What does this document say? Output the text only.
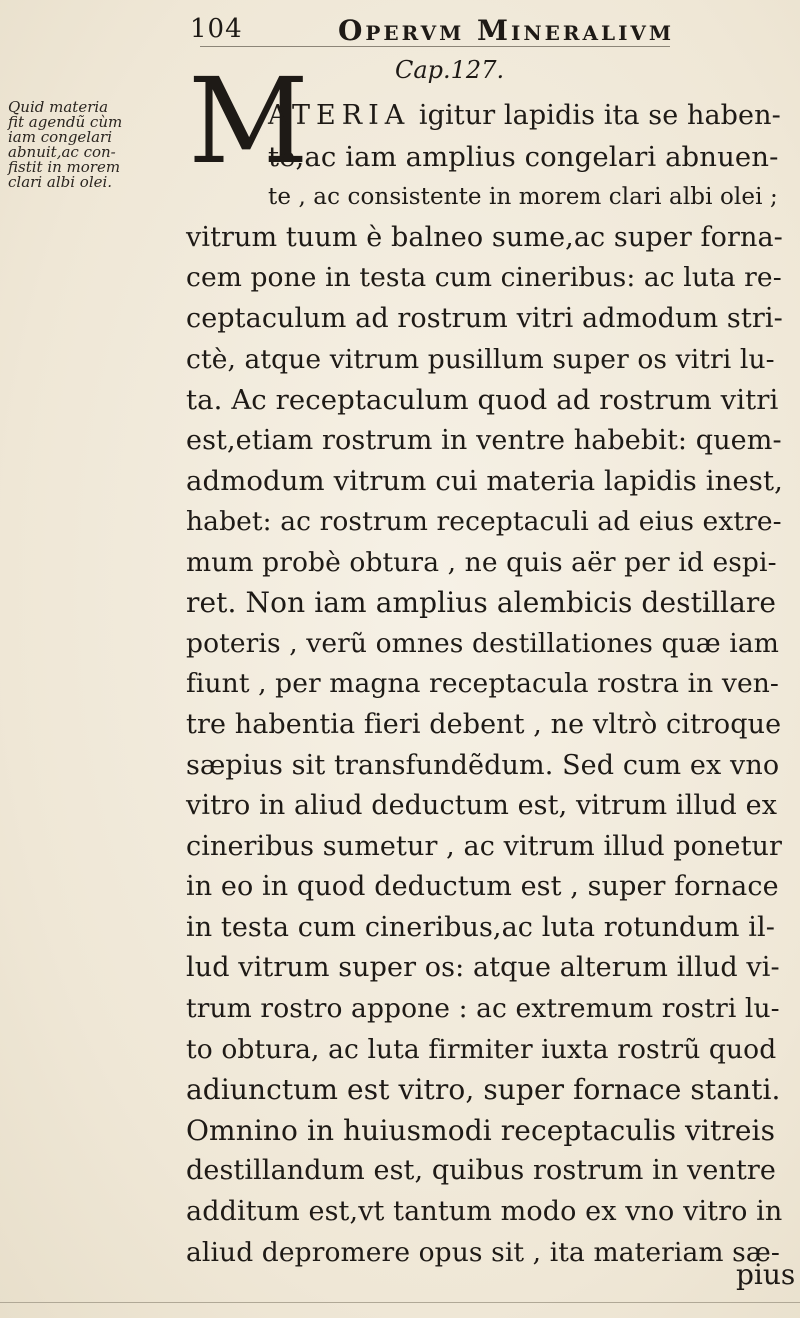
104	Opervm Mineralivm
Cap.127.
Quid materia
fit agendũ cùm
iam congelari
abnuit,ac con-
fistit in morem
clari albi olei. M
ATERIA igitur lapidis ita se haben-
te,ac iam amplius congelari abnuen-
te , ac consistente in morem clari albi olei ;
vitrum tuum è balneo sume,ac super forna-
cem pone in testa cum cineribus: ac luta re-
ceptaculum ad rostrum vitri admodum stri-
ctè, atque vitrum pusillum super os vitri lu-
ta. Ac receptaculum quod ad rostrum vitri
est,etiam rostrum in ventre habebit: quem-
admodum vitrum cui materia lapidis inest,
habet: ac rostrum receptaculi ad eius extre-
mum probè obtura , ne quis aër per id espi-
ret. Non iam amplius alembicis destillare
poteris , verũ omnes destillationes quæ iam
fiunt , per magna receptacula rostra in ven-
tre habentia fieri debent , ne vltrò citroque
sæpius sit transfundẽdum. Sed cum ex vno
vitro in aliud deductum est, vitrum illud ex
cineribus sumetur , ac vitrum illud ponetur
in eo in quod deductum est , super fornace
in testa cum cineribus,ac luta rotundum il-
lud vitrum super os: atque alterum illud vi-
trum rostro appone : ac extremum rostri lu-
to obtura, ac luta firmiter iuxta rostrũ quod
adiunctum est vitro, super fornace stanti.
Omnino in huiusmodi receptaculis vitreis
destillandum est, quibus rostrum in ventre
additum est,vt tantum modo ex vno vitro in
aliud depromere opus sit , ita materiam sæ-
pius
